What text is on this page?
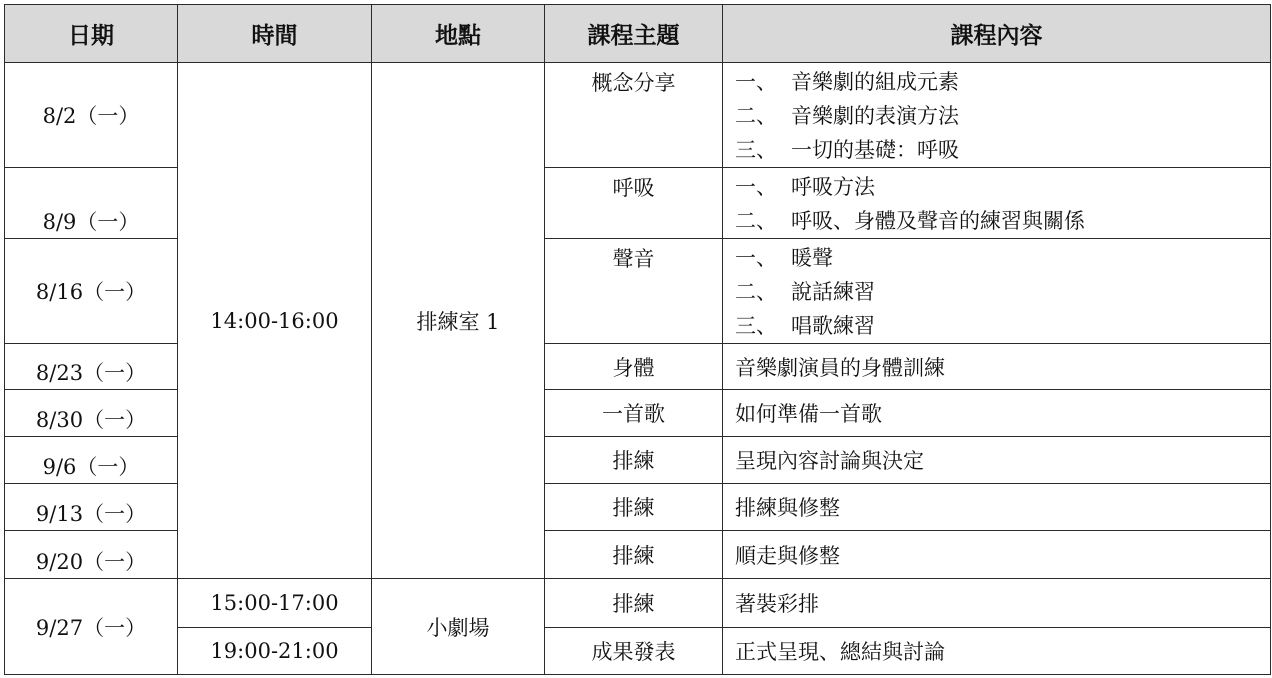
日期	時間	地點	課程主題	課程內容
8/2（一）	14:00-16:00	排練室 1	概念分享	一、 音樂劇的組成元素
二、 音樂劇的表演方法
三、 一切的基礎：呼吸

8/9（一）			呼吸	一、 呼吸方法
二、 呼吸、身體及聲音的練習與關係

8/16（一）			聲音	一、 暖聲
二、 說話練習
三、 唱歌練習

8/23（一）			身體	音樂劇演員的身體訓練
8/30（一）			一首歌	如何準備一首歌
9/6（一）			排練	呈現內容討論與決定
9/13（一）			排練	排練與修整
9/20（一）			排練	順走與修整
9/27（一）	15:00-17:00	小劇場	排練	著裝彩排
	19:00-21:00		成果發表	正式呈現、總結與討論
